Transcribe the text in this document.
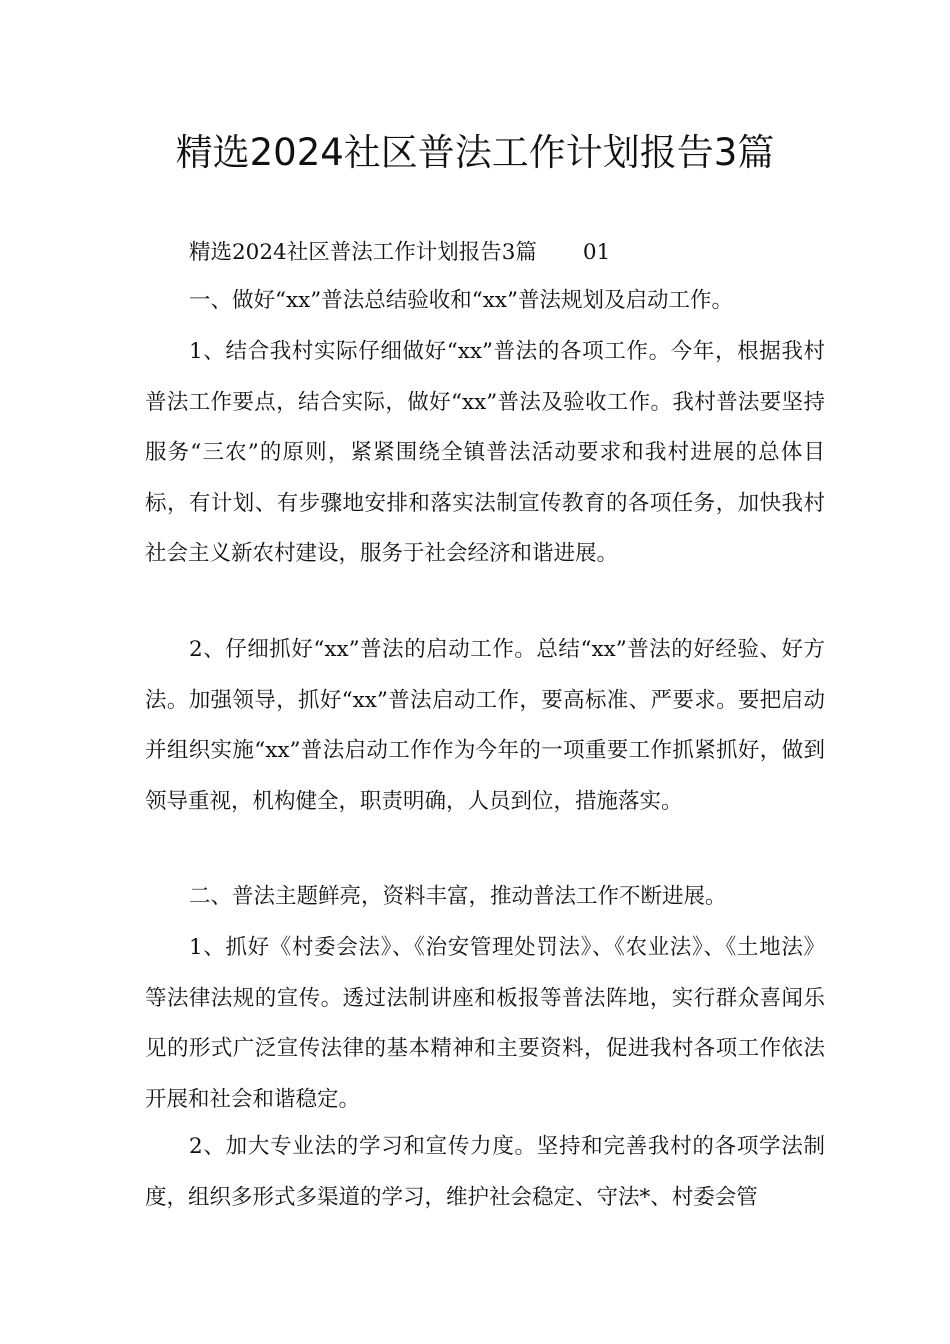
精选2024社区普法工作计划报告3篇
精选2024社区普法工作计划报告3篇 01

一、做好“xx”普法总结验收和“xx”普法规划及启动工作。

1、结合我村实际仔细做好“xx”普法的各项工作。今年，根据我村普法工作要点，结合实际，做好“xx”普法及验收工作。我村普法要坚持服务“三农”的原则，紧紧围绕全镇普法活动要求和我村进展的总体目标，有计划、有步骤地安排和落实法制宣传教育的各项任务，加快我村社会主义新农村建设，服务于社会经济和谐进展。

2、仔细抓好“xx”普法的启动工作。总结“xx”普法的好经验、好方法。加强领导，抓好“xx”普法启动工作，要高标准、严要求。要把启动并组织实施“xx”普法启动工作作为今年的一项重要工作抓紧抓好，做到领导重视，机构健全，职责明确，人员到位，措施落实。

二、普法主题鲜亮，资料丰富，推动普法工作不断进展。

1、抓好《村委会法》、《治安管理处罚法》、《农业法》、《土地法》等法律法规的宣传。透过法制讲座和板报等普法阵地，实行群众喜闻乐见的形式广泛宣传法律的基本精神和主要资料，促进我村各项工作依法开展和社会和谐稳定。

2、加大专业法的学习和宣传力度。坚持和完善我村的各项学法制度，组织多形式多渠道的学习，维护社会稳定、守法*、村委会管
